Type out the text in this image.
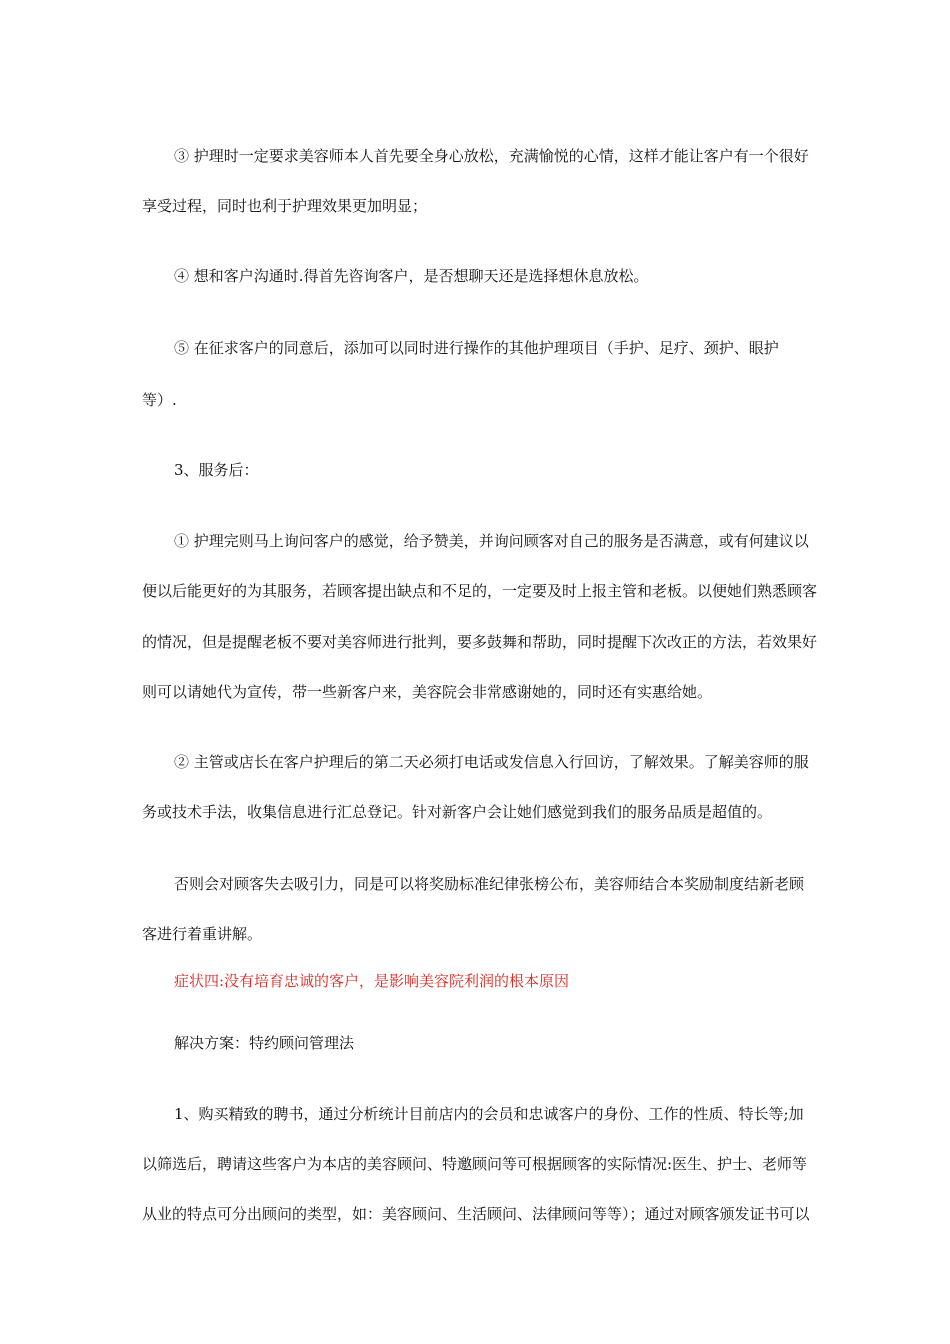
③ 护理时一定要求美容师本人首先要全身心放松，充满愉悦的心情，这样才能让客户有一个很好
享受过程，同时也利于护理效果更加明显；
④ 想和客户沟通时.得首先咨询客户，是否想聊天还是选择想休息放松。
⑤ 在征求客户的同意后，添加可以同时进行操作的其他护理项目（手护、足疗、颈护、眼护
等）.
3、服务后：
① 护理完则马上询问客户的感觉，给予赞美，并询问顾客对自己的服务是否满意，或有何建议以
便以后能更好的为其服务，若顾客提出缺点和不足的，一定要及时上报主管和老板。以便她们熟悉顾客
的情况，但是提醒老板不要对美容师进行批判，要多鼓舞和帮助，同时提醒下次改正的方法，若效果好
则可以请她代为宣传，带一些新客户来，美容院会非常感谢她的，同时还有实惠给她。
② 主管或店长在客户护理后的第二天必须打电话或发信息入行回访，了解效果。了解美容师的服
务或技术手法，收集信息进行汇总登记。针对新客户会让她们感觉到我们的服务品质是超值的。
否则会对顾客失去吸引力，同是可以将奖励标准纪律张榜公布，美容师结合本奖励制度结新老顾
客进行着重讲解。
症状四:没有培育忠诚的客户，是影响美容院利润的根本原因
解决方案：特约顾问管理法
1、购买精致的聘书，通过分析统计目前店内的会员和忠诚客户的身份、工作的性质、特长等;加
以筛选后，聘请这些客户为本店的美容顾问、特邀顾问等可根据顾客的实际情况:医生、护士、老师等
从业的特点可分出顾问的类型，如：美容顾问、生活顾问、法律顾问等等）；通过对顾客颁发证书可以
